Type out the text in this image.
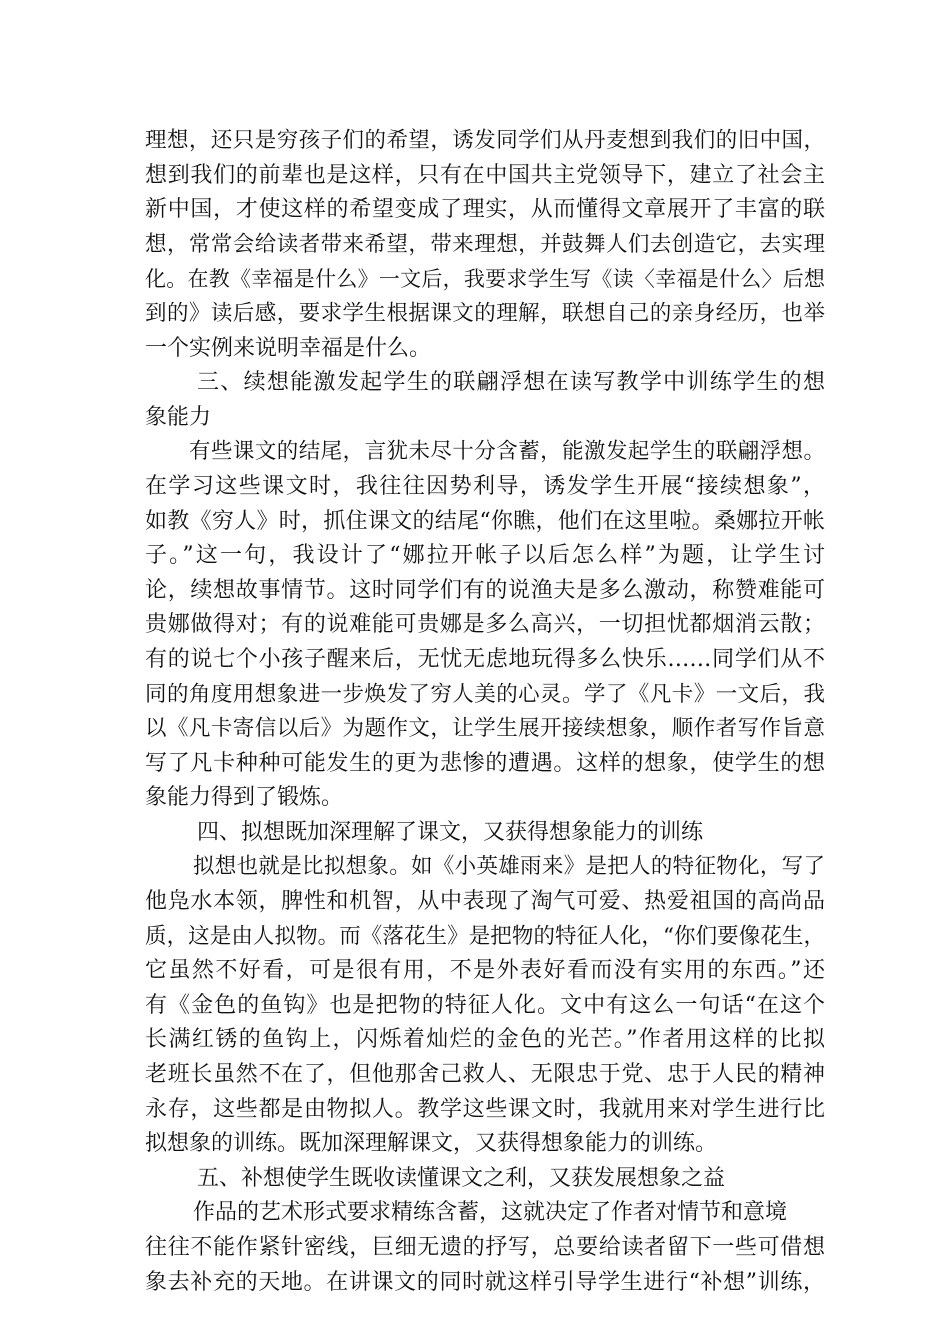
理想，还只是穷孩子们的希望，诱发同学们从丹麦想到我们的旧中国，
想到我们的前辈也是这样，只有在中国共主党领导下，建立了社会主
新中国，才使这样的希望变成了理实，从而懂得文章展开了丰富的联
想，常常会给读者带来希望，带来理想，并鼓舞人们去创造它，去实理
化。在教《幸福是什么》一文后，我要求学生写《读〈幸福是什么〉后想
到的》读后感，要求学生根据课文的理解，联想自己的亲身经历，也举
一个实例来说明幸福是什么。
三、续想能激发起学生的联翩浮想在读写教学中训练学生的想
象能力
有些课文的结尾，言犹未尽十分含蓄，能激发起学生的联翩浮想。
在学习这些课文时，我往往因势利导，诱发学生开展“接续想象”，
如教《穷人》时，抓住课文的结尾“你瞧，他们在这里啦。桑娜拉开帐
子。”这一句，我设计了“娜拉开帐子以后怎么样”为题，让学生讨
论，续想故事情节。这时同学们有的说渔夫是多么激动，称赞难能可
贵娜做得对；有的说难能可贵娜是多么高兴，一切担忧都烟消云散；
有的说七个小孩子醒来后，无忧无虑地玩得多么快乐……同学们从不
同的角度用想象进一步焕发了穷人美的心灵。学了《凡卡》一文后，我
以《凡卡寄信以后》为题作文，让学生展开接续想象，顺作者写作旨意
写了凡卡种种可能发生的更为悲惨的遭遇。这样的想象，使学生的想
象能力得到了锻炼。
四、拟想既加深理解了课文，又获得想象能力的训练
拟想也就是比拟想象。如《小英雄雨来》是把人的特征物化，写了
他凫水本领，脾性和机智，从中表现了淘气可爱、热爱祖国的高尚品
质，这是由人拟物。而《落花生》是把物的特征人化，“你们要像花生，
它虽然不好看，可是很有用，不是外表好看而没有实用的东西。”还
有《金色的鱼钩》也是把物的特征人化。文中有这么一句话“在这个
长满红锈的鱼钩上，闪烁着灿烂的金色的光芒。”作者用这样的比拟
老班长虽然不在了，但他那舍己救人、无限忠于党、忠于人民的精神
永存，这些都是由物拟人。教学这些课文时，我就用来对学生进行比
拟想象的训练。既加深理解课文，又获得想象能力的训练。
五、补想使学生既收读懂课文之利，又获发展想象之益
作品的艺术形式要求精练含蓄，这就决定了作者对情节和意境
往往不能作紧针密线，巨细无遗的抒写，总要给读者留下一些可借想
象去补充的天地。在讲课文的同时就这样引导学生进行“补想”训练，
